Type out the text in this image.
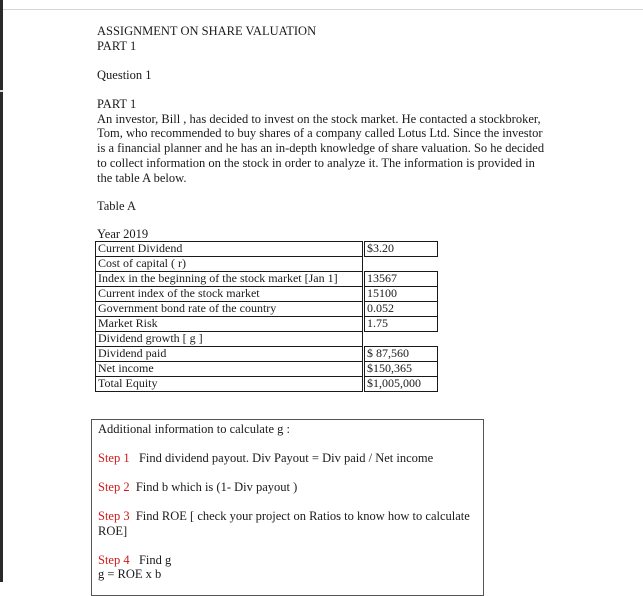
ASSIGNMENT ON SHARE VALUATION
PART 1
Question 1

PART 1

An investor, Bill , has decided to invest on the stock market. He contacted a stockbroker,

Tom, who recommended to buy shares of a company called Lotus Ltd. Since the investor

is a financial planner and he has an in-depth knowledge of share valuation. So he decided

to collect information on the stock in order to analyze it. The information is provided in

the table A below.

Table A
Year 2019
Current Dividend		$3.20
Cost of capital ( r)		
Index in the beginning of the stock market [Jan 1]		13567
Current index of the stock market		15100
Government bond rate of the country		0.052
Market Risk		1.75
Dividend growth [ g ]		
Dividend paid		$ 87,560
Net income		$150,365
Total Equity		$1,005,000
Additional information to calculate g :
Step 1 Find dividend payout. Div Payout = Div paid / Net income
Step 2 Find b which is (1- Div payout )
Step 3 Find ROE [ check your project on Ratios to know how to calculate
ROE]
Step 4 Find g
g = ROE x b
